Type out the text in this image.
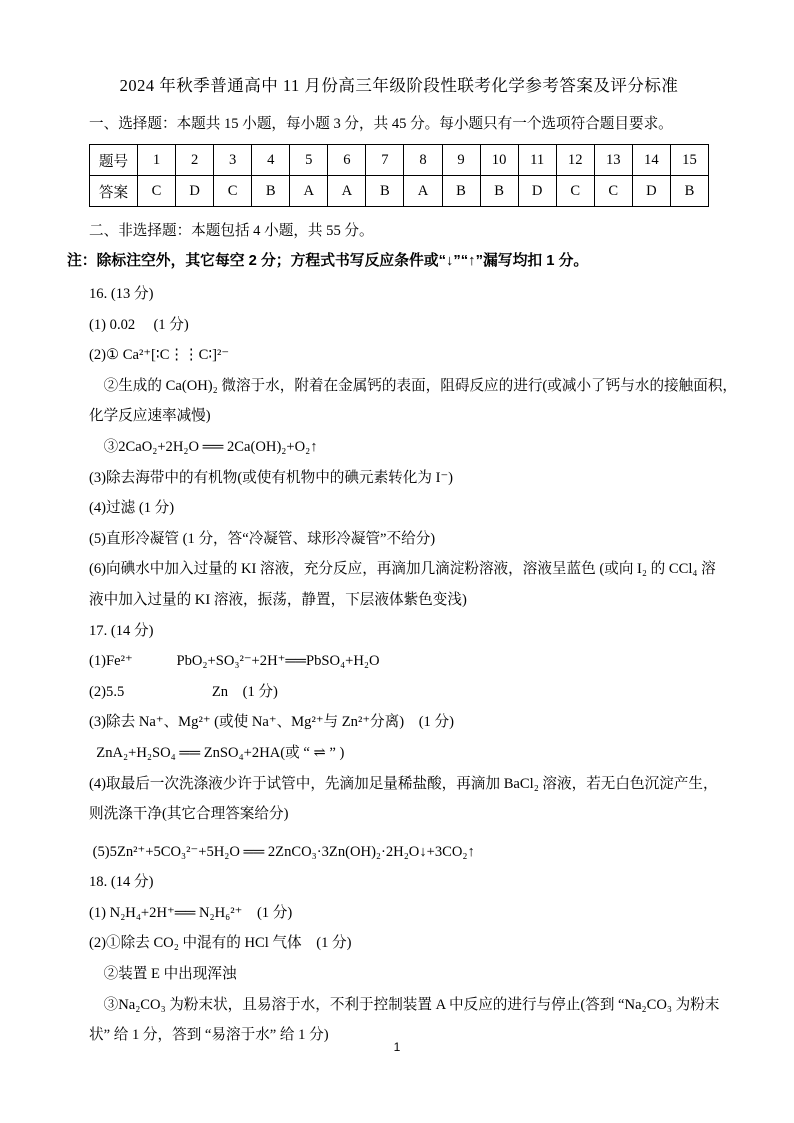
2024 年秋季普通高中 11 月份高三年级阶段性联考化学参考答案及评分标准
一、选择题：本题共 15 小题，每小题 3 分，共 45 分。每小题只有一个选项符合题目要求。
题号	1	2	3	4	5	6	7	8	9	10	11	12	13	14	15
答案	C	D	C	B	A	A	B	A	B	B	D	C	C	D	B
二、非选择题：本题包括 4 小题，共 55 分。
注：除标注空外，其它每空 2 分；方程式书写反应条件或“↓”“↑”漏写均扣 1 分。
16. (13 分)
(1) 0.02　 (1 分)
(2)① Ca²⁺[∶C⋮⋮C∶]²⁻
　②生成的 Ca(OH)₂ 微溶于水，附着在金属钙的表面，阻碍反应的进行(或减小了钙与水的接触面积，
化学反应速率减慢)
　③2CaO₂+2H₂O ══ 2Ca(OH)₂+O₂↑
(3)除去海带中的有机物(或使有机物中的碘元素转化为 I⁻)
(4)过滤 (1 分)
(5)直形冷凝管 (1 分，答“冷凝管、球形冷凝管”不给分)
(6)向碘水中加入过量的 KI 溶液，充分反应，再滴加几滴淀粉溶液，溶液呈蓝色 (或向 I₂ 的 CCl₄ 溶
液中加入过量的 KI 溶液，振荡，静置，下层液体紫色变浅)
17. (14 分)
(1)Fe²⁺　　　PbO₂+SO₃²⁻+2H⁺══PbSO₄+H₂O
(2)5.5　　　　　　Zn　(1 分)
(3)除去 Na⁺、Mg²⁺ (或使 Na⁺、Mg²⁺与 Zn²⁺分离)　(1 分)
ZnA₂+H₂SO₄ ══ ZnSO₄+2HA(或 “ ⇌ ” )
(4)取最后一次洗涤液少许于试管中，先滴加足量稀盐酸，再滴加 BaCl₂ 溶液，若无白色沉淀产生，
则洗涤干净(其它合理答案给分)
(5)5Zn²⁺+5CO₃²⁻+5H₂O ══ 2ZnCO₃·3Zn(OH)₂·2H₂O↓+3CO₂↑
18. (14 分)
(1) N₂H₄+2H⁺══ N₂H₆²⁺　(1 分)
(2)①除去 CO₂ 中混有的 HCl 气体　(1 分)
　②装置 E 中出现浑浊
　③Na₂CO₃ 为粉末状，且易溶于水，不利于控制装置 A 中反应的进行与停止(答到 “Na₂CO₃ 为粉末
状” 给 1 分，答到 “易溶于水” 给 1 分)
1
